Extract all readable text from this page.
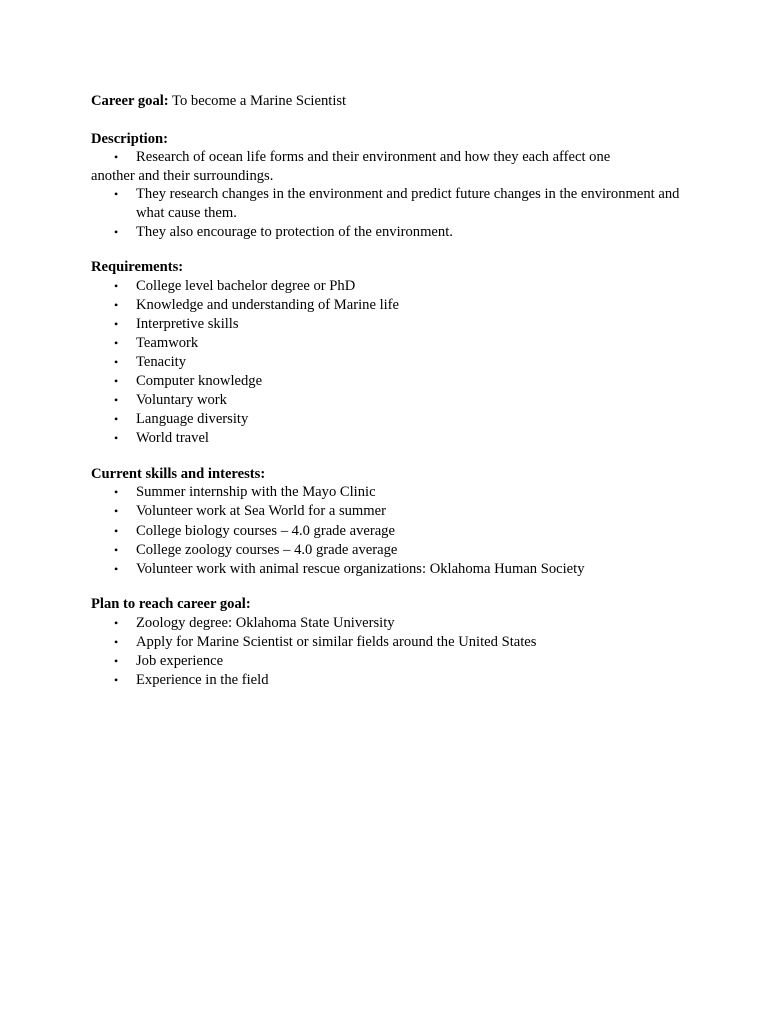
Career goal: To become a Marine Scientist
Description:
• Research of ocean life forms and their environment and how they each affect one another and their surroundings.
• They research changes in the environment and predict future changes in the environment and what cause them.
• They also encourage to protection of the environment.
Requirements:
• College level bachelor degree or PhD
• Knowledge and understanding of Marine life
• Interpretive skills
• Teamwork
• Tenacity
• Computer knowledge
• Voluntary work
• Language diversity
• World travel
Current skills and interests:
• Summer internship with the Mayo Clinic
• Volunteer work at Sea World for a summer
• College biology courses – 4.0 grade average
• College zoology courses – 4.0 grade average
• Volunteer work with animal rescue organizations: Oklahoma Human Society
Plan to reach career goal:
• Zoology degree: Oklahoma State University
• Apply for Marine Scientist or similar fields around the United States
• Job experience
• Experience in the field
